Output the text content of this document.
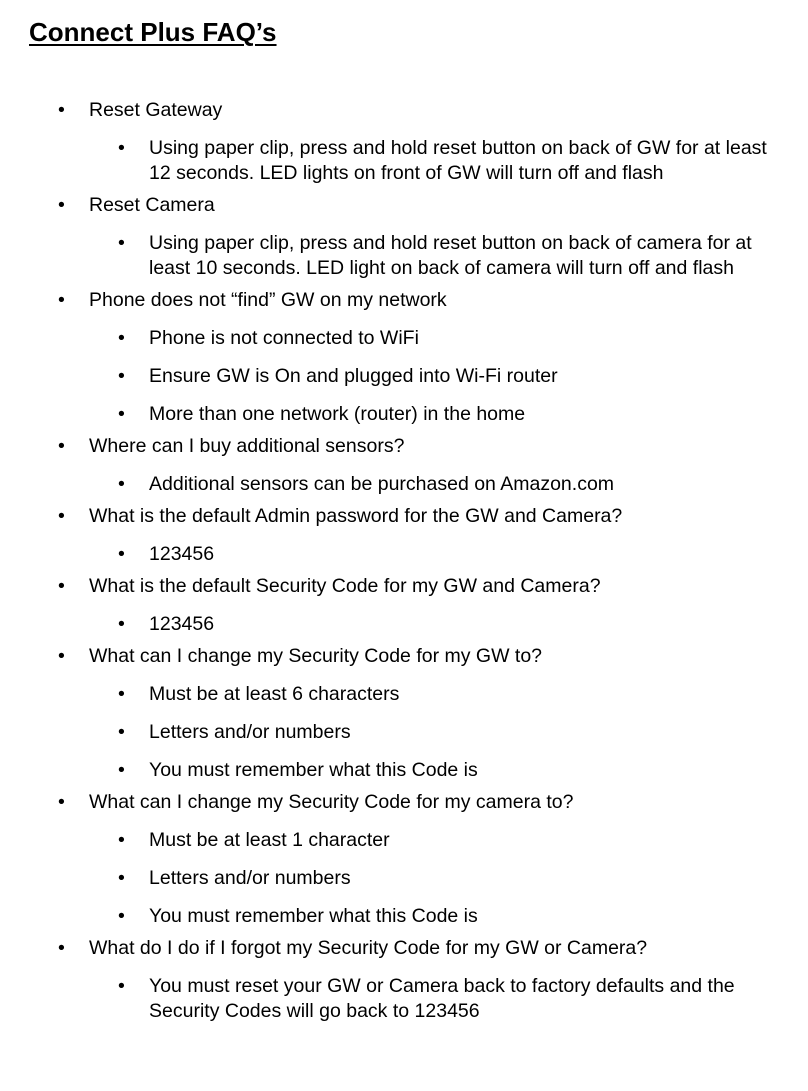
Connect Plus FAQ’s
• Reset Gateway
• Using paper clip, press and hold reset button on back of GW for at least 12 seconds. LED lights on front of GW will turn off and flash
• Reset Camera
• Using paper clip, press and hold reset button on back of camera for at least 10 seconds. LED light on back of camera will turn off and flash
• Phone does not “find” GW on my network
• Phone is not connected to WiFi
• Ensure GW is On and plugged into Wi-Fi router
• More than one network (router) in the home
• Where can I buy additional sensors?
• Additional sensors can be purchased on Amazon.com
• What is the default Admin password for the GW and Camera?
• 123456
• What is the default Security Code for my GW and Camera?
• 123456
• What can I change my Security Code for my GW to?
• Must be at least 6 characters
• Letters and/or numbers
• You must remember what this Code is
• What can I change my Security Code for my camera to?
• Must be at least 1 character
• Letters and/or numbers
• You must remember what this Code is
• What do I do if I forgot my Security Code for my GW or Camera?
• You must reset your GW or Camera back to factory defaults and the Security Codes will go back to 123456
